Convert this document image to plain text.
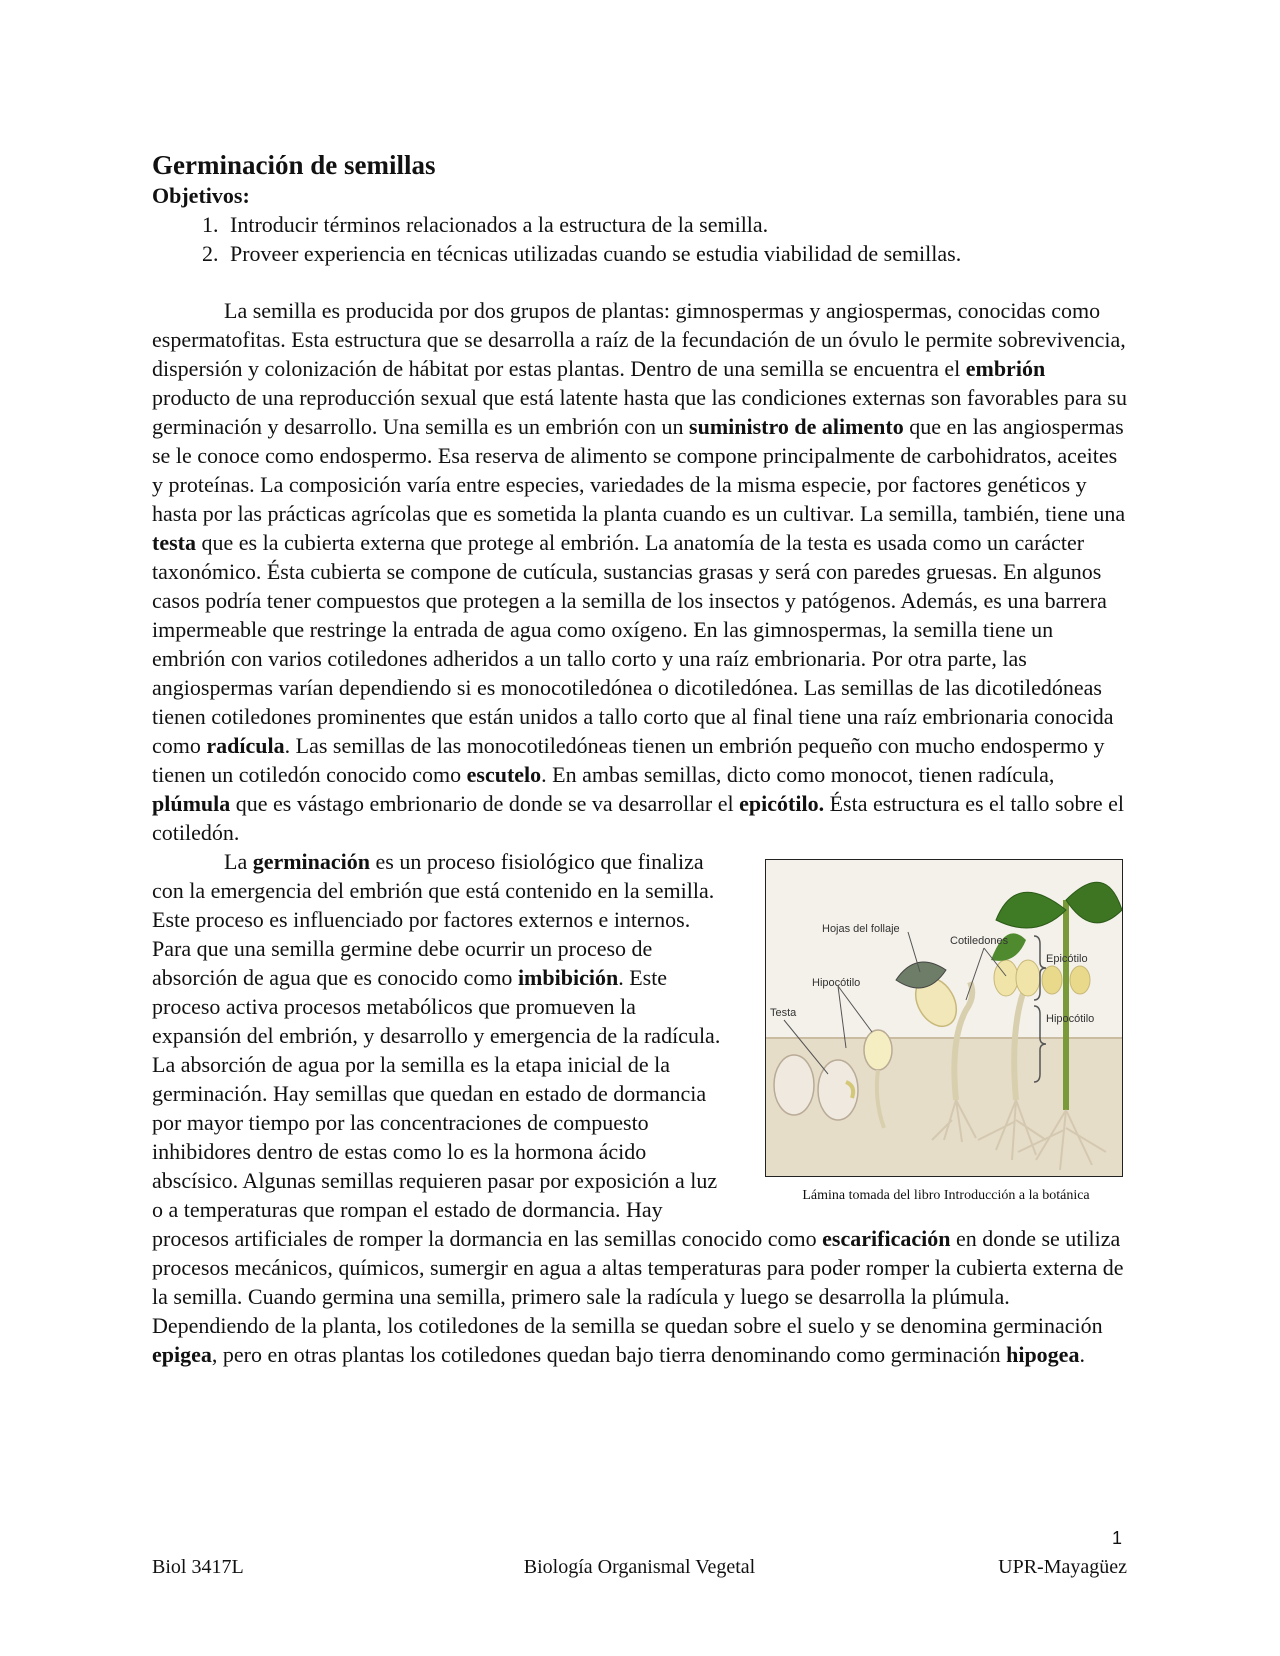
Germinación de semillas
Objetivos:
1. Introducir términos relacionados a la estructura de la semilla.
2. Proveer experiencia en técnicas utilizadas cuando se estudia viabilidad de semillas.

La semilla es producida por dos grupos de plantas: gimnospermas y angiospermas, conocidas como espermatofitas. Esta estructura que se desarrolla a raíz de la fecundación de un óvulo le permite sobrevivencia, dispersión y colonización de hábitat por estas plantas. Dentro de una semilla se encuentra el embrión producto de una reproducción sexual que está latente hasta que las condiciones externas son favorables para su germinación y desarrollo. Una semilla es un embrión con un suministro de alimento que en las angiospermas se le conoce como endospermo. Esa reserva de alimento se compone principalmente de carbohidratos, aceites y proteínas. La composición varía entre especies, variedades de la misma especie, por factores genéticos y hasta por las prácticas agrícolas que es sometida la planta cuando es un cultivar. La semilla, también, tiene una testa que es la cubierta externa que protege al embrión. La anatomía de la testa es usada como un carácter taxonómico. Ésta cubierta se compone de cutícula, sustancias grasas y será con paredes gruesas. En algunos casos podría tener compuestos que protegen a la semilla de los insectos y patógenos. Además, es una barrera impermeable que restringe la entrada de agua como oxígeno. En las gimnospermas, la semilla tiene un embrión con varios cotiledones adheridos a un tallo corto y una raíz embrionaria. Por otra parte, las angiospermas varían dependiendo si es monocotiledónea o dicotiledónea. Las semillas de las dicotiledóneas tienen cotiledones prominentes que están unidos a tallo corto que al final tiene una raíz embrionaria conocida como radícula. Las semillas de las monocotiledóneas tienen un embrión pequeño con mucho endospermo y tienen un cotiledón conocido como escutelo. En ambas semillas, dicto como monocot, tienen radícula, plúmula que es vástago embrionario de donde se va desarrollar el epicótilo. Ésta estructura es el tallo sobre el cotiledón.

Hojas del follaje
Cotiledones
Epicótilo
Hipocótilo
Testa	Hipocótilo
Lámina tomada del libro Introducción a la botánica

La germinación es un proceso fisiológico que finaliza con la emergencia del embrión que está contenido en la semilla. Este proceso es influenciado por factores externos e internos. Para que una semilla germine debe ocurrir un proceso de absorción de agua que es conocido como imbibición. Este proceso activa procesos metabólicos que promueven la expansión del embrión, y desarrollo y emergencia de la radícula. La absorción de agua por la semilla es la etapa inicial de la germinación. Hay semillas que quedan en estado de dormancia por mayor tiempo por las concentraciones de compuesto inhibidores dentro de estas como lo es la hormona ácido abscísico. Algunas semillas requieren pasar por exposición a luz o a temperaturas que rompan el estado de dormancia. Hay procesos artificiales de romper la dormancia en las semillas conocido como escarificación en donde se utiliza procesos mecánicos, químicos, sumergir en agua a altas temperaturas para poder romper la cubierta externa de la semilla. Cuando germina una semilla, primero sale la radícula y luego se desarrolla la plúmula. Dependiendo de la planta, los cotiledones de la semilla se quedan sobre el suelo y se denomina germinación epigea, pero en otras plantas los cotiledones quedan bajo tierra denominando como germinación hipogea.

1
Biol 3417L	Biología Organismal Vegetal	UPR-Mayagüez
